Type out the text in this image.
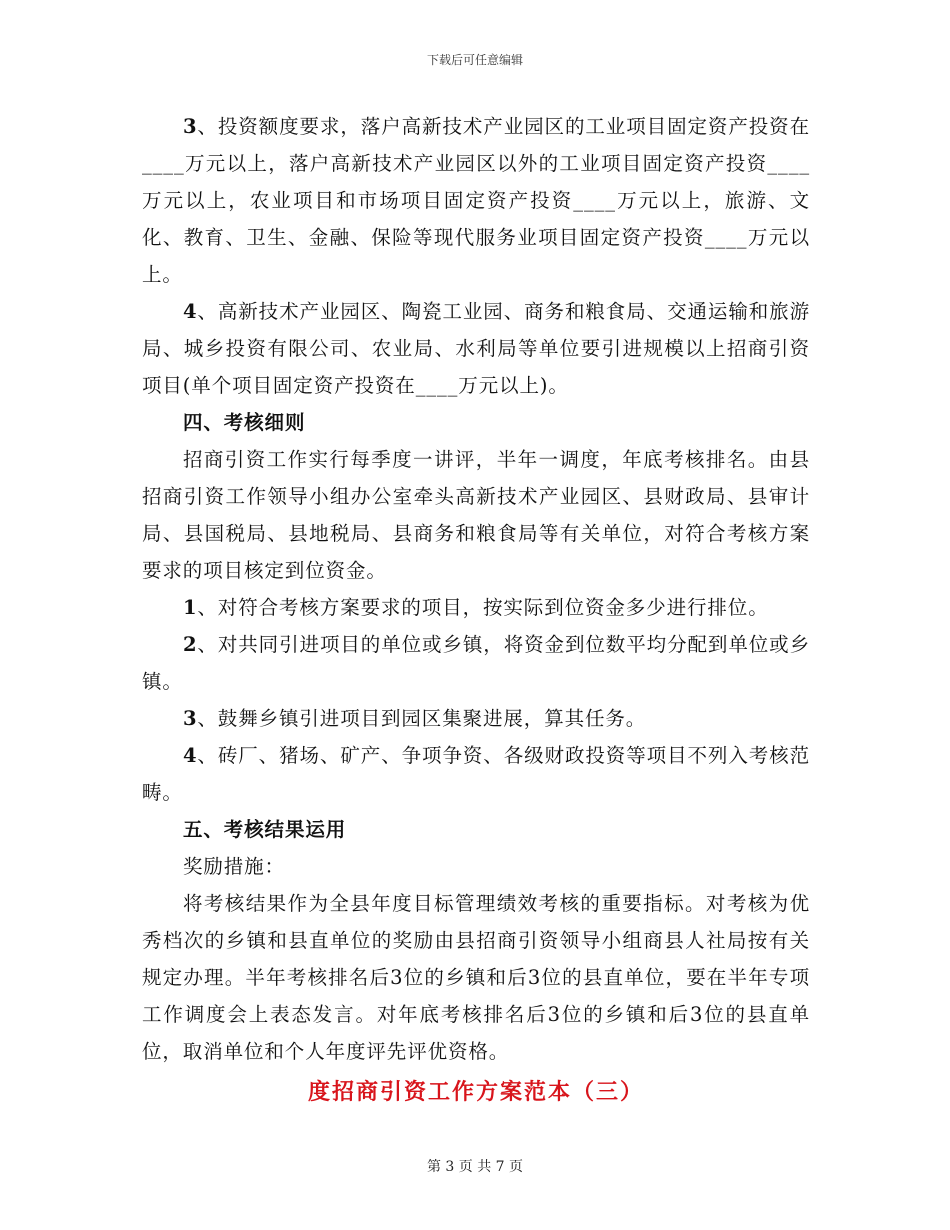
下载后可任意编辑

3、投资额度要求，落户高新技术产业园区的工业项目固定资产投资在____万元以上，落户高新技术产业园区以外的工业项目固定资产投资____万元以上，农业项目和市场项目固定资产投资____万元以上，旅游、文化、教育、卫生、金融、保险等现代服务业项目固定资产投资____万元以上。

4、高新技术产业园区、陶瓷工业园、商务和粮食局、交通运输和旅游局、城乡投资有限公司、农业局、水利局等单位要引进规模以上招商引资项目(单个项目固定资产投资在____万元以上)。

四、考核细则

招商引资工作实行每季度一讲评，半年一调度，年底考核排名。由县招商引资工作领导小组办公室牵头高新技术产业园区、县财政局、县审计局、县国税局、县地税局、县商务和粮食局等有关单位，对符合考核方案要求的项目核定到位资金。

1、对符合考核方案要求的项目，按实际到位资金多少进行排位。

2、对共同引进项目的单位或乡镇，将资金到位数平均分配到单位或乡镇。

3、鼓舞乡镇引进项目到园区集聚进展，算其任务。

4、砖厂、猪场、矿产、争项争资、各级财政投资等项目不列入考核范畴。

五、考核结果运用

奖励措施：

将考核结果作为全县年度目标管理绩效考核的重要指标。对考核为优秀档次的乡镇和县直单位的奖励由县招商引资领导小组商县人社局按有关规定办理。半年考核排名后3位的乡镇和后3位的县直单位，要在半年专项工作调度会上表态发言。对年底考核排名后3位的乡镇和后3位的县直单位，取消单位和个人年度评先评优资格。

度招商引资工作方案范本（三）

第 3 页 共 7 页
